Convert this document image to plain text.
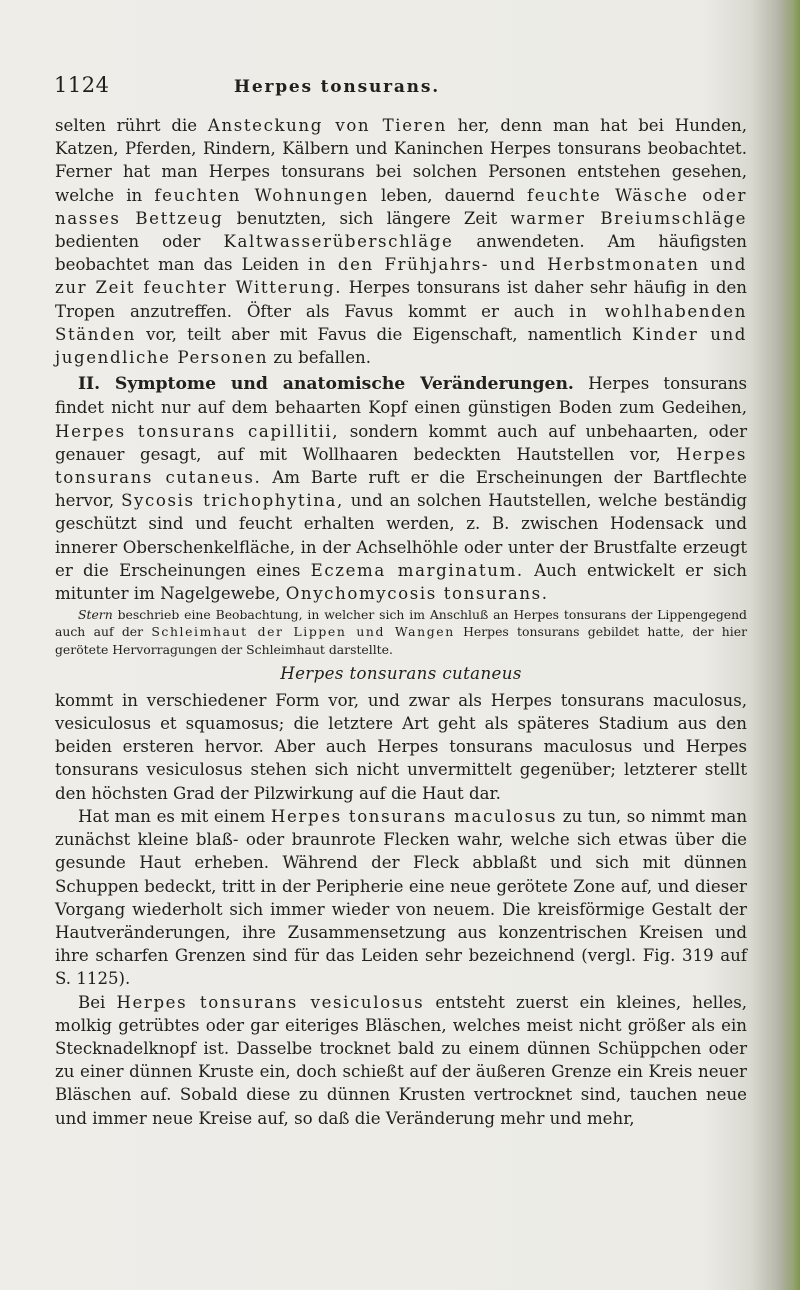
1124	Herpes tonsurans.

selten rührt die Ansteckung von Tieren her, denn man hat bei Hunden, Katzen, Pferden, Rindern, Kälbern und Kaninchen Herpes tonsurans beobachtet. Ferner hat man Herpes tonsurans bei solchen Personen entstehen gesehen, welche in feuchten Wohnungen leben, dauernd feuchte Wäsche oder nasses Bettzeug benutzten, sich längere Zeit warmer Breiumschläge bedienten oder Kaltwasserüberschläge anwendeten. Am häufigsten beobachtet man das Leiden in den Frühjahrs- und Herbstmonaten und zur Zeit feuchter Witterung. Herpes tonsurans ist daher sehr häufig in den Tropen anzutreffen. Öfter als Favus kommt er auch in wohlhabenden Ständen vor, teilt aber mit Favus die Eigenschaft, namentlich Kinder und jugendliche Personen zu befallen.

II. Symptome und anatomische Veränderungen. Herpes tonsurans findet nicht nur auf dem behaarten Kopf einen günstigen Boden zum Gedeihen, Herpes tonsurans capillitii, sondern kommt auch auf unbehaarten, oder genauer gesagt, auf mit Wollhaaren bedeckten Hautstellen vor, Herpes tonsurans cutaneus. Am Barte ruft er die Erscheinungen der Bartflechte hervor, Sycosis trichophytina, und an solchen Hautstellen, welche beständig geschützt sind und feucht erhalten werden, z. B. zwischen Hodensack und innerer Oberschenkelfläche, in der Achselhöhle oder unter der Brustfalte erzeugt er die Erscheinungen eines Eczema marginatum. Auch entwickelt er sich mitunter im Nagelgewebe, Onychomycosis tonsurans.

Stern beschrieb eine Beobachtung, in welcher sich im Anschluß an Herpes tonsurans der Lippengegend auch auf der Schleimhaut der Lippen und Wangen Herpes tonsurans gebildet hatte, der hier gerötete Hervorragungen der Schleimhaut darstellte.

Herpes tonsurans cutaneus

kommt in verschiedener Form vor, und zwar als Herpes tonsurans maculosus, vesiculosus et squamosus; die letztere Art geht als späteres Stadium aus den beiden ersteren hervor. Aber auch Herpes tonsurans maculosus und Herpes tonsurans vesiculosus stehen sich nicht unvermittelt gegenüber; letzterer stellt den höchsten Grad der Pilzwirkung auf die Haut dar.

Hat man es mit einem Herpes tonsurans maculosus zu tun, so nimmt man zunächst kleine blaß- oder braunrote Flecken wahr, welche sich etwas über die gesunde Haut erheben. Während der Fleck abblaßt und sich mit dünnen Schuppen bedeckt, tritt in der Peripherie eine neue gerötete Zone auf, und dieser Vorgang wiederholt sich immer wieder von neuem. Die kreisförmige Gestalt der Hautveränderungen, ihre Zusammensetzung aus konzentrischen Kreisen und ihre scharfen Grenzen sind für das Leiden sehr bezeichnend (vergl. Fig. 319 auf S. 1125).

Bei Herpes tonsurans vesiculosus entsteht zuerst ein kleines, helles, molkig getrübtes oder gar eiteriges Bläschen, welches meist nicht größer als ein Stecknadelknopf ist. Dasselbe trocknet bald zu einem dünnen Schüppchen oder zu einer dünnen Kruste ein, doch schießt auf der äußeren Grenze ein Kreis neuer Bläschen auf. Sobald diese zu dünnen Krusten vertrocknet sind, tauchen neue und immer neue Kreise auf, so daß die Veränderung mehr und mehr,
